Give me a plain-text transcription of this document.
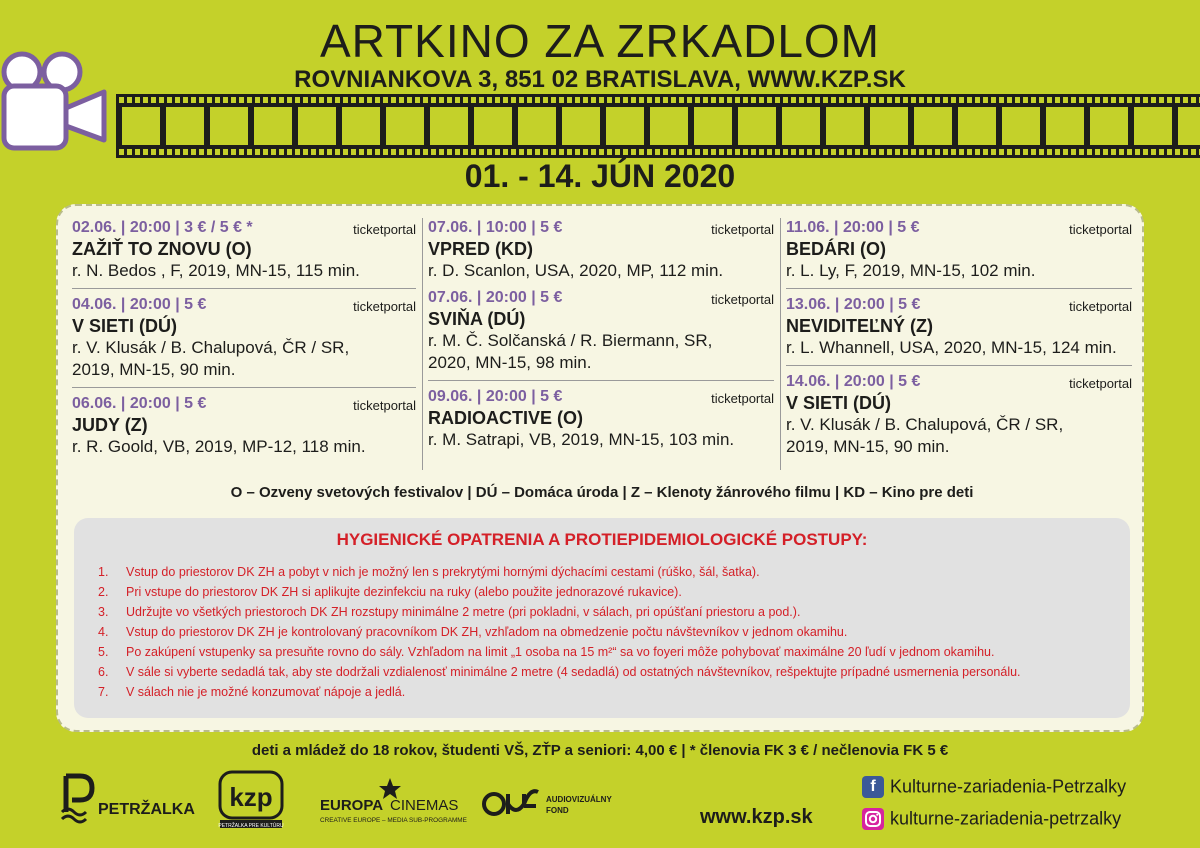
ARTKINO ZA ZRKADLOM
ROVNIANKOVA 3, 851 02 BRATISLAVA, WWW.KZP.SK
01. - 14. JÚN 2020
02.06. | 20:00 | 3 € / 5 € *	ticketportal
ZAŽIŤ TO ZNOVU (O)
r. N. Bedos , F, 2019, MN-15, 115 min.
04.06. | 20:00 | 5 €	ticketportal
V SIETI (DÚ)
r. V. Klusák / B. Chalupová, ČR / SR,
2019, MN-15, 90 min.
06.06. | 20:00 | 5 €	ticketportal
JUDY (Z)
r. R. Goold, VB, 2019, MP-12, 118 min.
07.06. | 10:00 | 5 €	ticketportal
VPRED (KD)
r. D. Scanlon, USA, 2020, MP, 112 min.
07.06. | 20:00 | 5 €	ticketportal
SVIŇA (DÚ)
r. M. Č. Solčanská / R. Biermann, SR,
2020, MN-15, 98 min.
09.06. | 20:00 | 5 €	ticketportal
RADIOACTIVE (O)
r. M. Satrapi, VB, 2019, MN-15, 103 min.
11.06. | 20:00 | 5 €	ticketportal
BEDÁRI (O)
r. L. Ly, F, 2019, MN-15, 102 min.
13.06. | 20:00 | 5 €	ticketportal
NEVIDITEĽNÝ (Z)
r. L. Whannell, USA, 2020, MN-15, 124 min.
14.06. | 20:00 | 5 €	ticketportal
V SIETI (DÚ)
r. V. Klusák / B. Chalupová, ČR / SR,
2019, MN-15, 90 min.
O – Ozveny svetových festivalov | DÚ – Domáca úroda | Z – Klenoty žánrového filmu | KD – Kino pre deti
HYGIENICKÉ OPATRENIA A PROTIEPIDEMIOLOGICKÉ POSTUPY:
1. Vstup do priestorov DK ZH a pobyt v nich je možný len s prekrytými hornými dýchacími cestami (rúško, šál, šatka).
2. Pri vstupe do priestorov DK ZH si aplikujte dezinfekciu na ruky (alebo použite jednorazové rukavice).
3. Udržujte vo všetkých priestoroch DK ZH rozstupy minimálne 2 metre (pri pokladni, v sálach, pri opúšťaní priestoru a pod.).
4. Vstup do priestorov DK ZH je kontrolovaný pracovníkom DK ZH, vzhľadom na obmedzenie počtu návštevníkov v jednom okamihu.
5. Po zakúpení vstupenky sa presuňte rovno do sály. Vzhľadom na limit „1 osoba na 15 m²“ sa vo foyeri môže pohybovať maximálne 20 ľudí v jednom okamihu.
6. V sále si vyberte sedadlá tak, aby ste dodržali vzdialenosť minimálne 2 metre (4 sedadlá) od ostatných návštevníkov, rešpektujte prípadné usmernenia personálu.
7. V sálach nie je možné konzumovať nápoje a jedlá.
deti a mládež do 18 rokov, študenti VŠ, ZŤP a seniori: 4,00 € | * členovia FK 3 € / nečlenovia FK 5 €
PETRŽALKA kzp
PETRŽALKA PRE KULTÚRU
EUROPA CINEMAS
CREATIVE EUROPE – MEDIA SUB-PROGRAMME
AUDIOVIZUÁLNY
FOND	www.kzp.sk
f Kulturne-zariadenia-Petrzalky
kulturne-zariadenia-petrzalky
